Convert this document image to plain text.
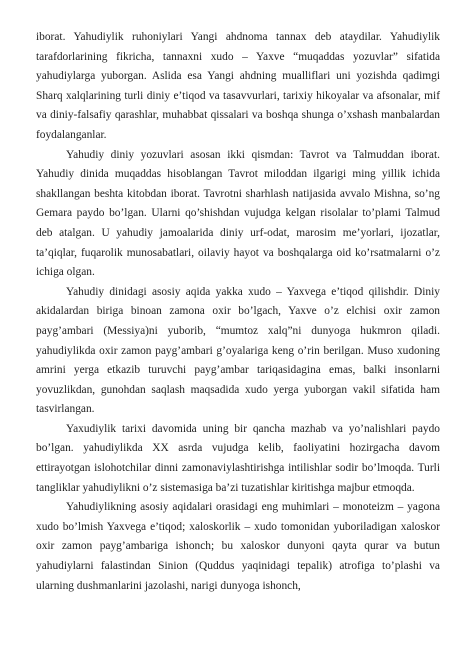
iborat. Yahudiylik ruhoniylari Yangi ahdnoma tannax deb ataydilar. Yahudiylik tarafdorlarining fikricha, tannaxni xudo – Yaxve “muqaddas yozuvlar” sifatida yahudiylarga yuborgan. Aslida esa Yangi ahdning mualliflari uni yozishda qadimgi Sharq xalqlarining turli diniy e’tiqod va tasavvurlari, tarixiy hikoyalar va afsonalar, mif va diniy-falsafiy qarashlar, muhabbat qissalari va boshqa shunga o’xshash manbalardan foydalanganlar.

Yahudiy diniy yozuvlari asosan ikki qismdan: Tavrot va Talmuddan iborat. Yahudiy dinida muqaddas hisoblangan Tavrot miloddan ilgarigi ming yillik ichida shakllangan beshta kitobdan iborat. Tavrotni sharhlash natijasida avvalo Mishna, so’ng Gemara paydo bo’lgan. Ularni qo’shishdan vujudga kelgan risolalar to’plami Talmud deb atalgan. U yahudiy jamoalarida diniy urf-odat, marosim me’yorlari, ijozatlar, ta’qiqlar, fuqarolik munosabatlari, oilaviy hayot va boshqalarga oid ko’rsatmalarni o’z ichiga olgan.

Yahudiy dinidagi asosiy aqida yakka xudo – Yaxvega e’tiqod qilishdir. Diniy akidalardan biriga binoan zamona oxir bo’lgach, Yaxve o’z elchisi oxir zamon payg’ambari (Messiya)ni yuborib, “mumtoz xalq”ni dunyoga hukmron qiladi. yahudiylikda oxir zamon payg’ambari g’oyalariga keng o’rin berilgan. Muso xudoning amrini yerga etkazib turuvchi payg’ambar tariqasidagina emas, balki insonlarni yovuzlikdan, gunohdan saqlash maqsadida xudo yerga yuborgan vakil sifatida ham tasvirlangan.

Yaxudiylik tarixi davomida uning bir qancha mazhab va yo’nalishlari paydo bo’lgan. yahudiylikda XX asrda vujudga kelib, faoliyatini hozirgacha davom ettirayotgan islohotchilar dinni zamonaviylashtirishga intilishlar sodir bo’lmoqda. Turli tangliklar yahudiylikni o’z sistemasiga ba’zi tuzatishlar kiritishga majbur etmoqda.

Yahudiylikning asosiy aqidalari orasidagi eng muhimlari – monoteizm – yagona xudo bo’lmish Yaxvega e’tiqod; xaloskorlik – xudo tomonidan yuboriladigan xaloskor oxir zamon payg’ambariga ishonch; bu xaloskor dunyoni qayta qurar va butun yahudiylarni falastindan Sinion (Quddus yaqinidagi tepalik) atrofiga to’plashi va ularning dushmanlarini jazolashi, narigi dunyoga ishonch,
